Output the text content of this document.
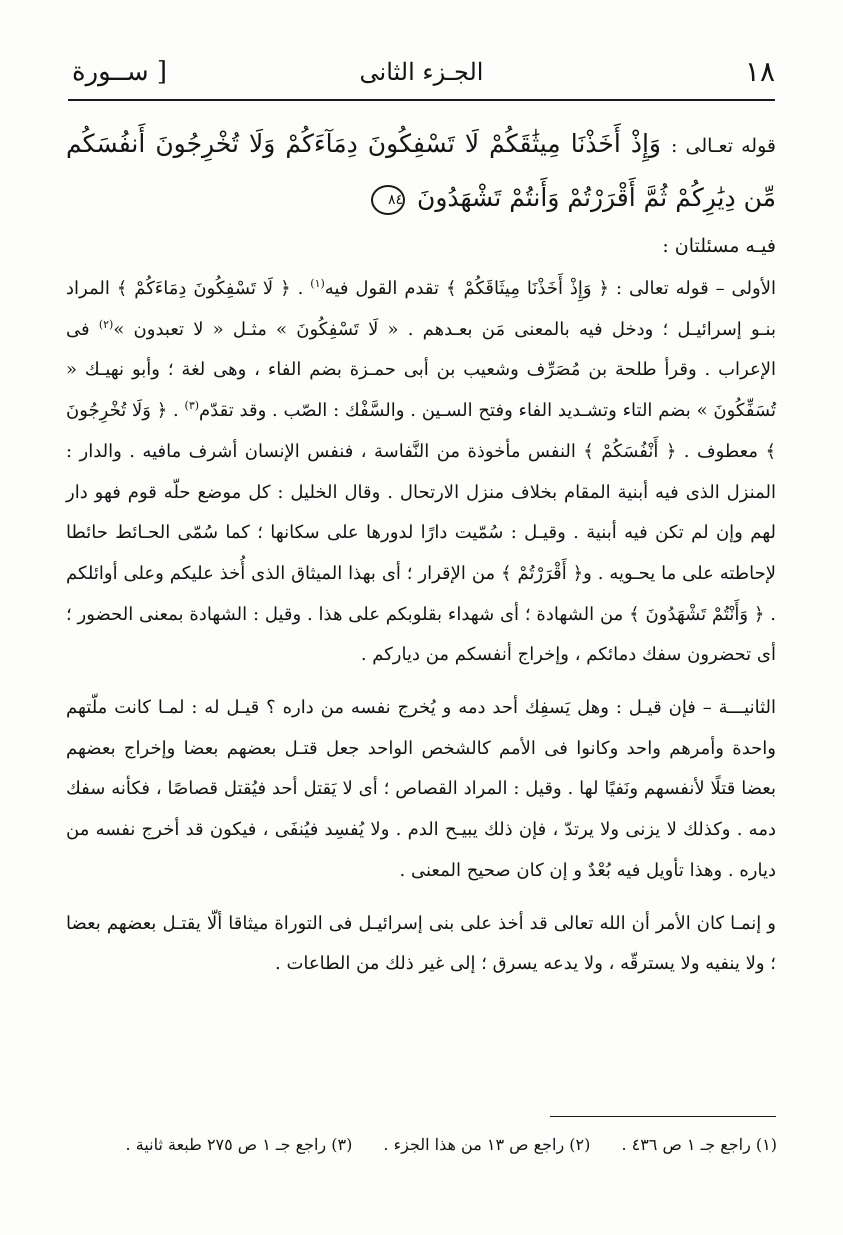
١٨
الجـزء الثانى
[ ســورة

قوله تعـالى : وَإِذْ أَخَذْنَا مِيثَٰقَكُمْ لَا تَسْفِكُونَ دِمَآءَكُمْ وَلَا تُخْرِجُونَ أَنفُسَكُم مِّن دِيَٰرِكُمْ ثُمَّ أَقْرَرْتُمْ وَأَنتُمْ تَشْهَدُونَ ٨٤

فيـه مسئلتان :

الأولى – قوله تعالى : ﴿ وَإِذْ أَخَذْنَا مِيثَاقَكُمْ ﴾ تقدم القول فيه$^{(١)}$ . ﴿ لَا تَسْفِكُونَ دِمَاءَكُمْ ﴾ المراد بنـو إسرائيـل ؛ ودخل فيه بالمعنى مَن بعـدهم . « لَا تَسْفِكُونَ » مثـل « لا تعبدون »$^{(٢)}$ فى الإعراب . وقرأ طلحة بن مُصَرِّف وشعيب بن أبى حمـزة بضم الفاء ، وهى لغة ؛ وأبو نهيـك « تُسَفِّكُونَ » بضم التاء وتشـديد الفاء وفتح السـين . والسَّفْك : الصّب . وقد تقدّم$^{(٣)}$ . ﴿ وَلَا تُخْرِجُونَ ﴾ معطوف . ﴿ أَنْفُسَكُمْ ﴾ النفس مأخوذة من النَّفاسة ، فنفس الإنسان أشرف مافيه . والدار : المنزل الذى فيه أبنية المقام بخلاف منزل الارتحال . وقال الخليل : كل موضع حلّه قوم فهو دار لهم وإن لم تكن فيه أبنية . وقيـل : سُمّيت دارًا لدورها على سكانها ؛ كما سُمّى الحـائط حائطا لإحاطته على ما يحـويه . و﴿ أَقْرَرْتُمْ ﴾ من الإقرار ؛ أى بهذا الميثاق الذى أُخذ عليكم وعلى أوائلكم . ﴿ وَأَنْتُمْ تَشْهَدُونَ ﴾ من الشهادة ؛ أى شهداء بقلوبكم على هذا . وقيل : الشهادة بمعنى الحضور ؛ أى تحضرون سفك دمائكم ، وإخراج أنفسكم من دياركم .

الثانيـــة – فإن قيـل : وهل يَسفِك أحد دمه و يُخرج نفسه من داره ؟ قيـل له : لمـا كانت ملّتهم واحدة وأمرهم واحد وكانوا فى الأمم كالشخص الواحد جعل قتـل بعضهم بعضا وإخراج بعضهم بعضا قتلًا لأنفسهم ونَفيًا لها . وقيل : المراد القصاص ؛ أى لا يَقتل أحد فيُقتل قصاصًا ، فكأنه سفك دمه . وكذلك لا يزنى ولا يرتدّ ، فإن ذلك يبيـح الدم . ولا يُفسِد فيُنفَى ، فيكون قد أخرج نفسه من دياره . وهذا تأويل فيه بُعْدٌ و إن كان صحيح المعنى .

و إنمـا كان الأمر أن الله تعالى قد أخذ على بنى إسرائيـل فى التوراة ميثاقا ألّا يقتـل بعضهم بعضا ؛ ولا ينفيه ولا يسترقّه ، ولا يدعه يسرق ؛ إلى غير ذلك من الطاعات .

(١) راجع جـ ١ ص ٤٣٦ . (٢) راجع ص ١٣ من هذا الجزء . (٣) راجع جـ ١ ص ٢٧٥ طبعة ثانية .
